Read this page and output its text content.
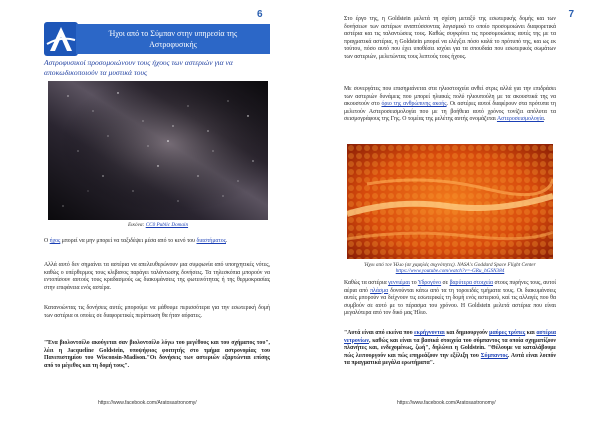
6
Ήχοι από το Σύμπαν στην υπηρεσία της
Αστροφυσικής
Αστροφυσικοί προσομοιώνουν τους ήχους των αστεριών για να αποκωδικοποιούν τα μυστικά τους
Εικόνα: CC0 Public Domain
Ο ήχος μπορεί να μην μπορεί να ταξιδέψει μέσα από το κενό του διαστήματος.
Αλλά αυτό δεν σημαίνει τα αστέρια να απελευθερώνουν μια συμφωνία από υποηχητικές νότες, καθώς ο υπέρθερμος τους κλιβανος παράγει ταλάντωσης δονήσεις. Τα τηλεσκόπια μπορούν να εντοπίσουν αυτούς τους κραδασμούς ως διακυμάνσεις της φωτεινότητας ή της θερμοκρασίας στην επιφάνεια ενός αστέρα.
Κατανοώντας τις δονήσεις αυτές μπορούμε να μάθουμε περισσότερα για την εσωτερική δομή των αστέρια οι οποίες σε διαφορετικές περίπτωση θα ήταν αόρατες.
"Ένα βιολοντσέλο ακούγεται σαν βιολοντσέλο λόγω του μεγέθους και του σχήματος του", λέει η Jacqueline Goldstein, υποψήφιος φοιτητής στο τμήμα αστρονομίας του Πανεπιστημίου του Wisconsin-Madison."Οι δονήσεις των αστεριών εξαρτώνται επίσης από το μέγεθος και τη δομή τους".
https://www.facebook.com/Aratosastronomy/
7
Στο έργο της, η Goldstein μελετά τη σχέση μεταξύ της εσωτερικής δομής και των δονήσεων των αστέρων αναπτύσσοντας λογισμικό το οποίο προσομοιώνει διαφορετικά αστέρια και τις ταλαντώσεις τους. Καθώς συγκρίνει τις προσομοιώσεις αυτές της με τα πραγματικά αστέρια, η Goldstein μπορεί να ελέγξει πόσο καλά το πρότυπό της, και ως εκ τούτου, πόσο αυτό που έχει υποθέσει ισχύει για τα σπουδαία που εσωτερικός σωμάτων των αστεριών, μελετώντας τους λεπτούς τους ήχους.
Με συνεργάτες που επισημαίνεται στα ηλιοστοιχεία ανθεί στρις αλλά για την επιδράσει των αστεριών δυνάμεις που μπορεί ηλιακές πολύ ηλιουπούλη με τα ακουστικά της να ακουστούν στο όριο της ανθρώπινης ακοής. Οι αστέρες αυτοί διαφέρουν στα πρότυπα τη μελετούν Αστεροσεισμολογία που με τη βοήθεια αυτό χρόνος τονίζει απόλυτα τα σεισμογράφους της Γης. Ο τομέας της μελέτης αυτής ονομάζεται Αστεροσεισμολογία.
Ήχοι από τον Ήλιο (σε χαμηλές συχνότητες). NASA's Goddard Space Flight Center
https://www.youtube.com/watch?v=-GRu_hGSN384
Καθώς τα αστέρια γεννιέμαι το Υδρογόνο σε βαρύτερα στοιχεία στους πυρήνες τους, αυτοί αέρια από πλάσμα δονούνται κάτω από τα τη τοροειδές τμήματα τους. Οι διακυμάνσεις αυτές μπορούν να δείχνουν τις εσωτερικές τη δομή ενός αστεριού, καί τις αλλαγές που θα συμβούν σε αυτό με το πέρασμα του χρόνου. Η Goldstein μελετά αστέρια που είναι μεγαλύτερα από τον δικό μας Ήλιο.
"Αυτά είναι από εκείνα που εκρήγνυνται και δημιουργούν μαύρες τρύπες και αστέρια νετρονίων, καθώς και είναι τα βασικά στοιχεία του σύμπαντος τα οποία σχηματίζουν πλανήτες και, ενδεχομένως, ζωή", δηλώνει η Goldstein. "Θέλουμε να καταλάβουμε πώς λειτουργούν και πώς επηρεάζουν την εξέλιξη του Σύμπαντος. Αυτά είναι λοιπόν τα πραγματικά μεγάλα ερωτήματα".
https://www.facebook.com/Aratosastronomy/
